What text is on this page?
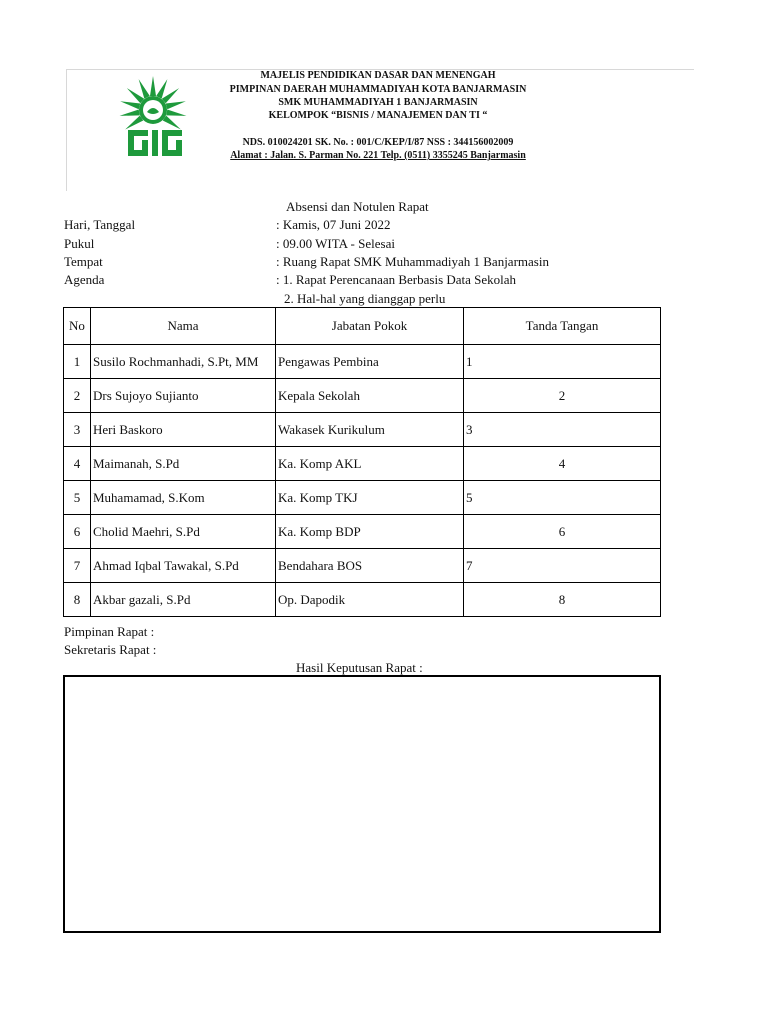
MAJELIS PENDIDIKAN DASAR DAN MENENGAH
PIMPINAN DAERAH MUHAMMADIYAH KOTA BANJARMASIN
SMK MUHAMMADIYAH 1 BANJARMASIN
KELOMPOK “BISNIS / MANAJEMEN DAN TI “
NDS. 010024201 SK. No. : 001/C/KEP/I/87 NSS : 344156002009
Alamat : Jalan. S. Parman No. 221 Telp. (0511) 3355245 Banjarmasin
Absensi dan Notulen Rapat
Hari, Tanggal	: Kamis, 07 Juni 2022
Pukul	: 09.00 WITA - Selesai
Tempat	: Ruang Rapat SMK Muhammadiyah 1 Banjarmasin
Agenda	: 1. Rapat Perencanaan Berbasis Data Sekolah
2. Hal-hal yang dianggap perlu
No	Nama	Jabatan Pokok	Tanda Tangan
1	Susilo Rochmanhadi, S.Pt, MM	Pengawas Pembina	1
2	Drs Sujoyo Sujianto	Kepala Sekolah	2
3	Heri Baskoro	Wakasek Kurikulum	3
4	Maimanah, S.Pd	Ka. Komp AKL	4
5	Muhamamad, S.Kom	Ka. Komp TKJ	5
6	Cholid Maehri, S.Pd	Ka. Komp BDP	6
7	Ahmad Iqbal Tawakal, S.Pd	Bendahara BOS	7
8	Akbar gazali, S.Pd	Op. Dapodik	8
Pimpinan Rapat :
Sekretaris Rapat :
Hasil Keputusan Rapat :
